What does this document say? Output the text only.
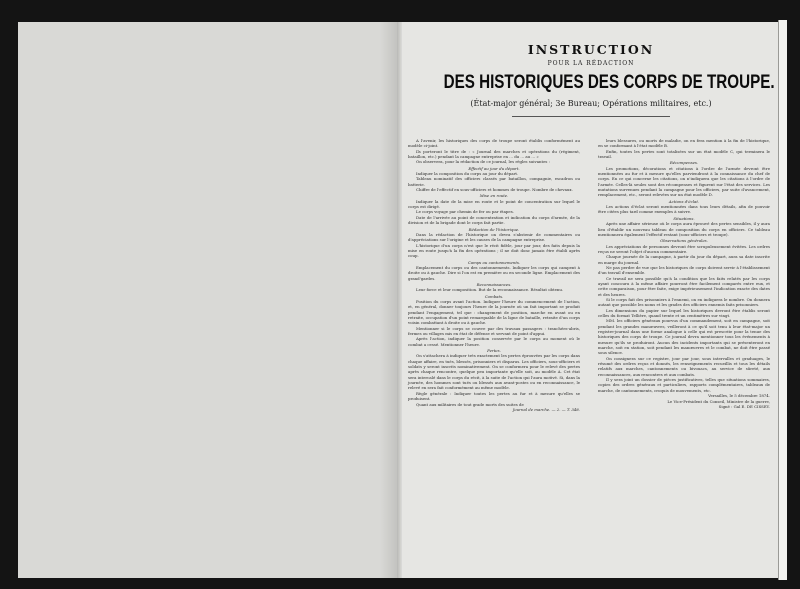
INSTRUCTION
POUR LA RÉDACTION
DES HISTORIQUES DES CORPS DE TROUPE.
(État-major général; 3e Bureau; Opérations militaires, etc.)

A l'avenir, les historiques des corps de troupe seront établis conformément au modèle ci-joint.

Ils porteront le titre de : « Journal des marches et opérations du (régiment, bataillon, etc.) pendant la campagne entreprise en ... du ... au ... »

On observera, pour la rédaction de ce journal, les règles suivantes :

Effectif au jour du départ.

Indiquer la composition du corps au jour du départ.

Tableau nominatif des officiers classés par bataillon, compagnie, escadron ou batterie.

Chiffre de l'effectif en sous-officiers et hommes de troupe. Nombre de chevaux.

Mise en route.

Indiquer la date de la mise en route et le point de concentration sur lequel le corps est dirigé.

Le corps voyage par chemin de fer ou par étapes.

Date de l'arrivée au point de concentration et indication du corps d'armée, de la division et de la brigade dont le corps fait partie.

Rédaction de l'historique.

Dans la rédaction de l'historique on devra s'abstenir de commentaires ou d'appréciations sur l'origine et les causes de la campagne entreprise.

L'historique d'un corps n'est que le récit fidèle, jour par jour, des faits depuis la mise en route jusqu'à la fin des opérations ; il ne doit donc jamais être établi après coup.

Camps ou cantonnements.

Emplacement du corps ou des cantonnements. Indiquer les corps qui campent à droite ou à gauche. Dire si l'on est en première ou en seconde ligne. Emplacement des grand'gardes.

Reconnaissances.

Leur force et leur composition. But de la reconnaissance. Résultat obtenu.

Combats.

Position du corps avant l'action. Indiquer l'heure du commencement de l'action, et, en général, donner toujours l'heure de la journée où un fait important se produit pendant l'engagement, tel que : changement de position, marche en avant ou en retraite, occupation d'un point remarquable de la ligne de bataille, retraite d'un corps voisin combattant à droite ou à gauche.

Mentionner si le corps se couvre par des travaux passagers : tranchées-abris, fermes ou villages mis en état de défense et servant de point d'appui.

Après l'action, indiquer la position conservée par le corps au moment où le combat a cessé. Mentionner l'heure.

Pertes.

On s'attachera à indiquer très exactement les pertes éprouvées par les corps dans chaque affaire, en tués, blessés, prisonniers et disparus. Les officiers, sous-officiers et soldats y seront inscrits nominativement. On se conformera pour le relevé des pertes après chaque rencontre, quelque peu importante qu'elle soit, au modèle A. Cet état sera intercalé dans le corps du récit, à la suite de l'action qui l'aura motivé. Si, dans la journée, des hommes sont tués ou blessés aux avant-postes ou en reconnaissance, le relevé en sera fait conformément au même modèle.

Règle générale : Indiquer toutes les pertes au fur et à mesure qu'elles se produisent.

Quant aux militaires de tout grade morts des suites de

Journal de marche. — 2. — T. 348.

leurs blessures, ou morts de maladie, on en fera mention à la fin de l'historique, en se conformant à l'état modèle B.

Enfin, toutes les pertes sont totalisées sur un état modèle C, qui terminera le travail.

Récompenses.

Les promotions, décorations et citations à l'ordre de l'armée devront être mentionnées au fur et à mesure qu'elles parviendront à la connaissance du chef de corps. En ce qui concerne les citations, on n'indiquera que les citations à l'ordre de l'armée. Celles-là seules sont des récompenses et figurent sur l'état des services. Les mutations survenues pendant la campagne pour les officiers, par suite d'avancement, remplacement, etc., seront relevées sur un état modèle D.

Actions d'éclat.

Les actions d'éclat seront mentionnées dans tous leurs détails, afin de pouvoir être citées plus tard comme exemples à suivre.

Situations.

Après une affaire sérieuse où le corps aura éprouvé des pertes sensibles, il y aura lieu d'établir un nouveau tableau de composition du corps en officiers. Ce tableau mentionnera également l'effectif restant (sous-officiers et troupe).

Observations générales.

Les appréciations de personnes devront être scrupuleusement évitées. Les ordres reçus ne seront l'objet d'aucun commentaire.

Chaque journée de la campagne, à partir du jour du départ, aura sa date inscrite en marge du journal.

Ne pas perdre de vue que les historiques de corps doivent servir à l'établissement d'un travail d'ensemble.

Ce travail ne sera possible qu'à la condition que les faits relatés par les corps ayant concouru à la même affaire pourront être facilement comparés entre eux, et cette comparaison, pour être faite, exige impérieusement l'indication exacte des dates et des heures.

Si le corps fait des prisonniers à l'ennemi, on en indiquera le nombre. On donnera autant que possible les noms et les grades des officiers ennemis faits prisonniers.

Les dimensions du papier sur lequel les historiques devront être établis seront celles du format Tellière, quand trente et un centimètres sur vingt.

MM. les officiers généraux pourvus d'un commandement, soit en campagne, soit pendant les grandes manœuvres, veilleront à ce qu'il soit tenu à leur état-major un registre-journal dans une forme analogue à celle qui est prescrite pour la tenue des historiques des corps de troupe. Ce journal devra mentionner tous les événements à mesure qu'ils se produiront. Aucun des incidents importants qui se présenteront en marche, soit en station, soit pendant les manœuvres et le combat, ne doit être passé sous silence.

On consignera sur ce registre, jour par jour, sous intervalles et graduages, le résumé des ordres reçus et donnés, les renseignements recueillis et tous les détails relatifs aux marches, cantonnements ou bivouacs, au service de sûreté, aux reconnaissances, aux rencontres et aux combats.

Il y sera joint un dossier de pièces justificatives, telles que situations sommaires, copies des ordres généraux et particuliers, rapports complémentaires, tableaux de marche, de cantonnements, croquis de mouvements, etc.

Versailles, le 5 décembre 1874.

Le Vice-Président du Conseil, Ministre de la guerre,

Signé : Gal E. DE CISSEY.
